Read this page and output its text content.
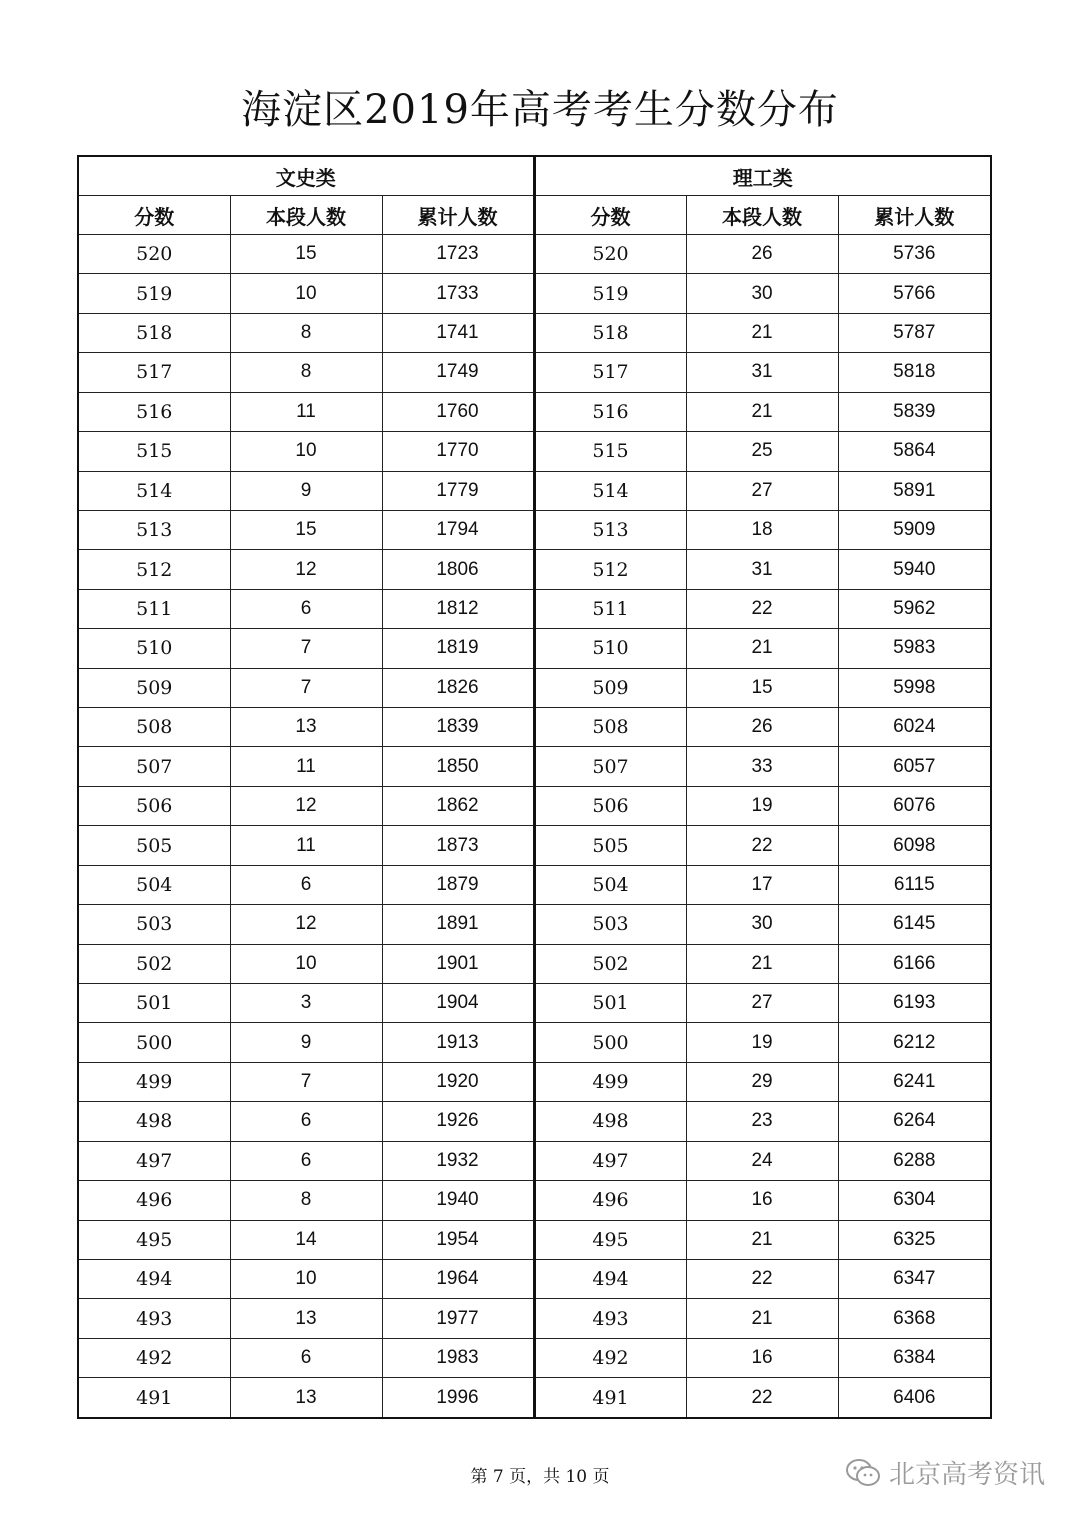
海淀区2019年高考考生分数分布
文史类			理工类		
分数	本段人数	累计人数	分数	本段人数	累计人数
520	15	1723	520	26	5736
519	10	1733	519	30	5766
518	8	1741	518	21	5787
517	8	1749	517	31	5818
516	11	1760	516	21	5839
515	10	1770	515	25	5864
514	9	1779	514	27	5891
513	15	1794	513	18	5909
512	12	1806	512	31	5940
511	6	1812	511	22	5962
510	7	1819	510	21	5983
509	7	1826	509	15	5998
508	13	1839	508	26	6024
507	11	1850	507	33	6057
506	12	1862	506	19	6076
505	11	1873	505	22	6098
504	6	1879	504	17	6115
503	12	1891	503	30	6145
502	10	1901	502	21	6166
501	3	1904	501	27	6193
500	9	1913	500	19	6212
499	7	1920	499	29	6241
498	6	1926	498	23	6264
497	6	1932	497	24	6288
496	8	1940	496	16	6304
495	14	1954	495	21	6325
494	10	1964	494	22	6347
493	13	1977	493	21	6368
492	6	1983	492	16	6384
491	13	1996	491	22	6406
第 7 页，共 10 页	北京高考资讯
